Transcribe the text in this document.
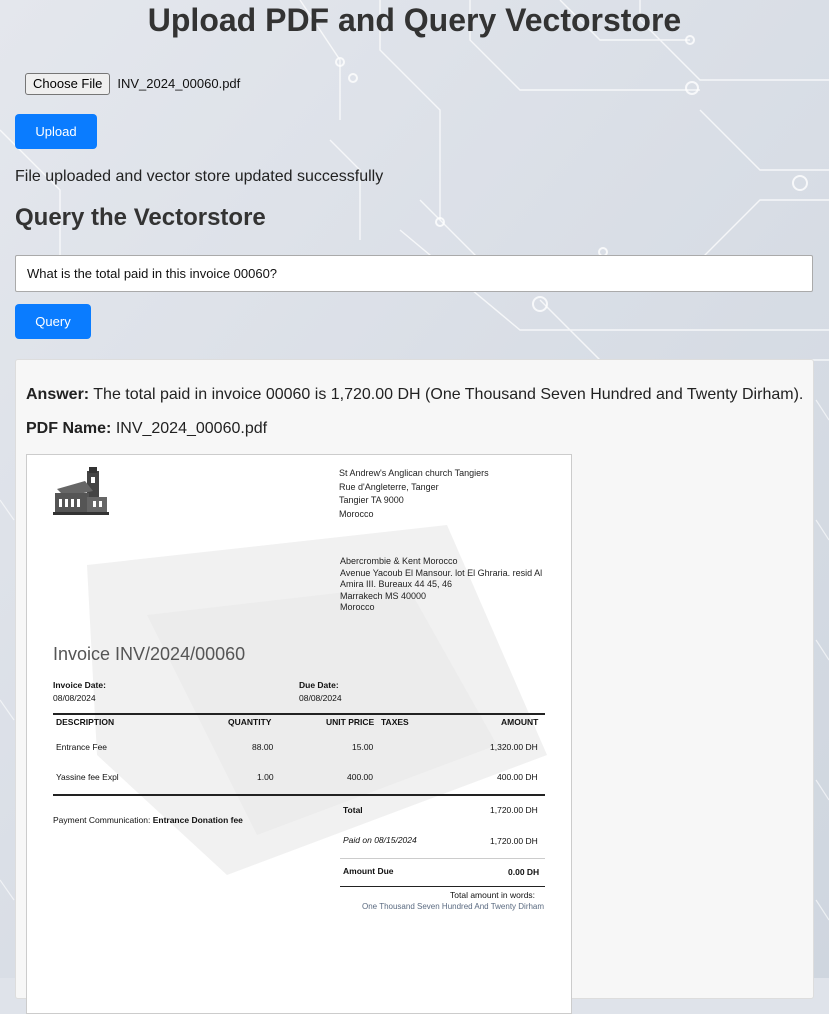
Upload PDF and Query Vectorstore
Choose File	INV_2024_00060.pdf
Upload
File uploaded and vector store updated successfully
Query the Vectorstore
What is the total paid in this invoice 00060?
Query
Answer: The total paid in invoice 00060 is 1,720.00 DH (One Thousand Seven Hundred and Twenty Dirham).
PDF Name: INV_2024_00060.pdf
St Andrew's Anglican church Tangiers
Rue d'Angleterre, Tanger
Tangier TA 9000
Morocco
Abercrombie & Kent Morocco
Avenue Yacoub El Mansour. lot El Ghraria. resid Al
Amira III. Bureaux 44 45, 46
Marrakech MS 40000
Morocco
Invoice INV/2024/00060
Invoice Date:
08/08/2024
Due Date:
08/08/2024
DESCRIPTION	QUANTITY	UNIT PRICE TAXES	AMOUNT
Entrance Fee	88.00	15.00	1,320.00 DH
Yassine fee Expl	1.00	400.00	400.00 DH
Payment Communication: Entrance Donation fee
Total	1,720.00 DH
Paid on 08/15/2024	1,720.00 DH
Amount Due	0.00 DH
Total amount in words:
One Thousand Seven Hundred And Twenty Dirham
